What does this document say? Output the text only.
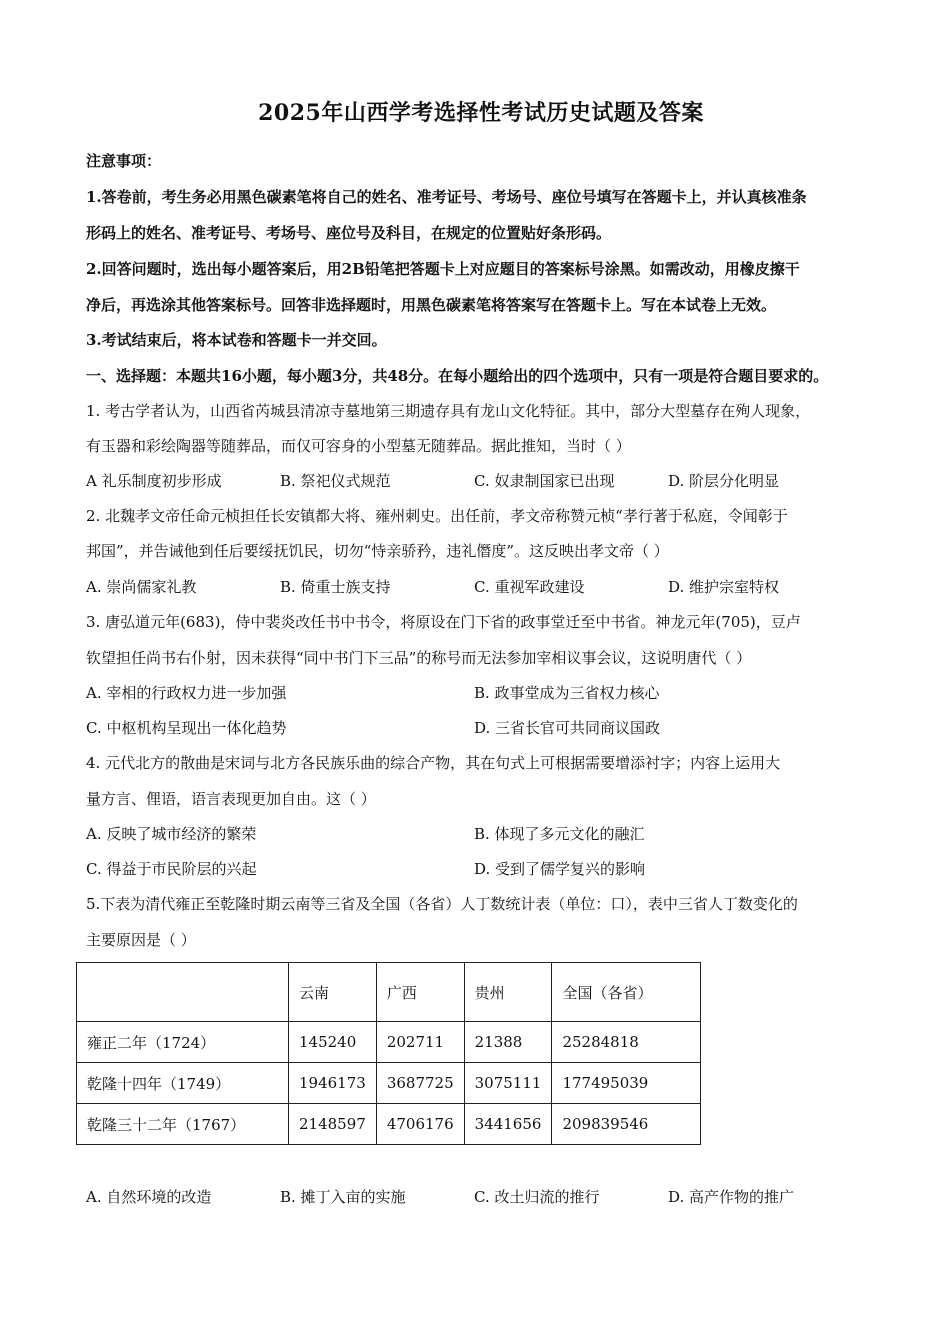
2025年山西学考选择性考试历史试题及答案
注意事项：
1.答卷前，考生务必用黑色碳素笔将自己的姓名、准考证号、考场号、座位号填写在答题卡上，并认真核准条
形码上的姓名、准考证号、考场号、座位号及科目，在规定的位置贴好条形码。
2.回答问题时，选出每小题答案后，用2B铅笔把答题卡上对应题目的答案标号涂黑。如需改动，用橡皮擦干
净后，再选涂其他答案标号。回答非选择题时，用黑色碳素笔将答案写在答题卡上。写在本试卷上无效。
3.考试结束后，将本试卷和答题卡一并交回。
一、选择题：本题共16小题，每小题3分，共48分。在每小题给出的四个选项中，只有一项是符合题目要求的。
1. 考古学者认为，山西省芮城县清凉寺墓地第三期遗存具有龙山文化特征。其中，部分大型墓存在殉人现象，
有玉器和彩绘陶器等随葬品，而仅可容身的小型墓无随葬品。据此推知，当时（ ）
A 礼乐制度初步形成	B. 祭祀仪式规范	C. 奴隶制国家已出现	D. 阶层分化明显
2. 北魏孝文帝任命元桢担任长安镇都大将、雍州刺史。出任前，孝文帝称赞元桢“孝行著于私庭，令闻彰于
邦国”，并告诫他到任后要绥抚饥民，切勿“恃亲骄矜，违礼僭度”。这反映出孝文帝（ ）
A. 崇尚儒家礼教	B. 倚重士族支持	C. 重视军政建设	D. 维护宗室特权
3. 唐弘道元年(683)，侍中裴炎改任书中书令，将原设在门下省的政事堂迁至中书省。神龙元年(705)，豆卢
钦望担任尚书右仆射，因未获得“同中书门下三品”的称号而无法参加宰相议事会议，这说明唐代（ ）
A. 宰相的行政权力进一步加强	B. 政事堂成为三省权力核心
C. 中枢机构呈现出一体化趋势	D. 三省长官可共同商议国政
4. 元代北方的散曲是宋词与北方各民族乐曲的综合产物，其在句式上可根据需要增添衬字；内容上运用大
量方言、俚语，语言表现更加自由。这（ ）
A. 反映了城市经济的繁荣	B. 体现了多元文化的融汇
C. 得益于市民阶层的兴起	D. 受到了儒学复兴的影响
5.下表为清代雍正至乾隆时期云南等三省及全国（各省）人丁数统计表（单位：口），表中三省人丁数变化的
主要原因是（ ）
	云南	广西	贵州	全国（各省）
雍正二年（1724）	145240	202711	21388	25284818
乾隆十四年（1749）	1946173	3687725	3075111	177495039
乾隆三十二年（1767）	2148597	4706176	3441656	209839546
A. 自然环境的改造	B. 摊丁入亩的实施	C. 改土归流的推行	D. 高产作物的推广
